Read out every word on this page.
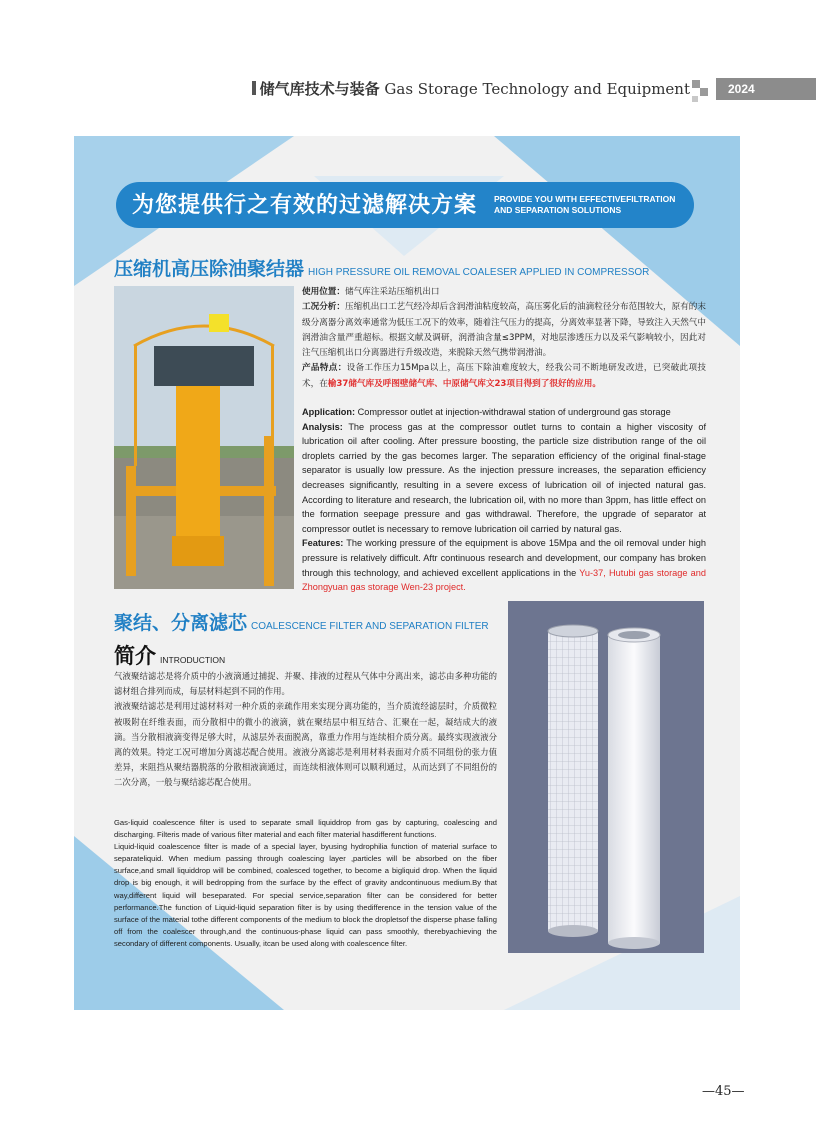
储气库技术与装备 Gas Storage Technology and Equipment	2024
为您提供行之有效的过滤解决方案 PROVIDE YOU WITH EFFECTIVEFILTRATION
AND SEPARATION SOLUTIONS
压缩机高压除油聚结器 HIGH PRESSURE OIL REMOVAL COALESER APPLIED IN COMPRESSOR
使用位置：储气库注采站压缩机出口
工况分析：压缩机出口工艺气经冷却后含润滑油粘度较高，高压雾化后的油滴粒径分布范围较大，原有的末级分离器分离效率通常为低压工况下的效率，随着注气压力的提高，分离效率显著下降，导致注入天然气中润滑油含量严重超标。根据文献及调研，润滑油含量≤3PPM，对地层渗透压力以及采气影响较小，因此对注气压缩机出口分离器进行升级改造，来脱除天然气携带润滑油。
产品特点：设备工作压力15Mpa以上，高压下除油难度较大，经我公司不断地研发改进，已突破此项技术，在榆37储气库及呼图壁储气库、中原储气库文23项目得到了很好的应用。
Application: Compressor outlet at injection-withdrawal station of underground gas storage
Analysis: The process gas at the compressor outlet turns to contain a higher viscosity of lubrication oil after cooling. After pressure boosting, the particle size distribution range of the oil droplets carried by the gas becomes larger. The separation efficiency of the original final-stage separator is usually low pressure. As the injection pressure increases, the separation efficiency decreases significantly, resulting in a severe excess of lubrication oil of injected natural gas. According to literature and research, the lubrication oil, with no more than 3ppm, has little effect on the formation seepage pressure and gas withdrawal. Therefore, the upgrade of separator at compressor outlet is necessary to remove lubrication oil carried by natural gas.
Features: The working pressure of the equipment is above 15Mpa and the oil removal under high pressure is relatively difficult. Aftr continuous research and development, our company has broken through this technology, and achieved excellent applications in the Yu-37, Hutubi gas storage and Zhongyuan gas storage Wen-23 project.
聚结、分离滤芯 COALESCENCE FILTER AND SEPARATION FILTER
简介 INTRODUCTION
气液聚结滤芯是将介质中的小液滴通过捕捉、并聚、排液的过程从气体中分离出来，滤芯由多种功能的滤材组合排列而成，每层材料起到不同的作用。
液液聚结滤芯是利用过滤材料对一种介质的亲疏作用来实现分离功能的，当介质流经滤层时，介质微粒被吸附在纤维表面，而分散相中的微小的液滴，就在聚结层中相互结合、汇聚在一起，凝结成大的液滴。当分散相液滴变得足够大时，从滤层外表面脱离，靠重力作用与连续相介质分离。最终实现液液分离的效果。特定工况可增加分离滤芯配合使用。液液分离滤芯是利用材料表面对介质不同组份的张力值差异，来阻挡从聚结器脱落的分散相液滴通过，而连续相液体则可以顺利通过，从而达到了不同组份的二次分离，一般与聚结滤芯配合使用。
Gas-liquid coalescence filter is used to separate small liquiddrop from gas by capturing, coalescing and discharging. Filteris made of various filter material and each filter material hasdifferent functions.
Liquid-liquid coalescence filter is made of a special layer, byusing hydrophilia function of material surface to separateliquid. When medium passing through coalescing layer ,particles will be absorbed on the fiber surface,and small liquiddrop will be combined, coalesced together, to become a bigliquid drop. When the liquid drop is big enough, it will bedropping from the surface by the effect of gravity andcontinuous medium.By that way,different liquid will beseparated. For special service,separation filter can be considered for better performance.The function of Liquid-liquid separation filter is by using thedifference in the tension value of the surface of the material tothe different components of the medium to block the dropletsof the disperse phase falling off from the coalescer through,and the continuous-phase liquid can pass smoothly, therebyachieving the secondary of different components. Usually, itcan be used along with coalescence filter.
—45—
